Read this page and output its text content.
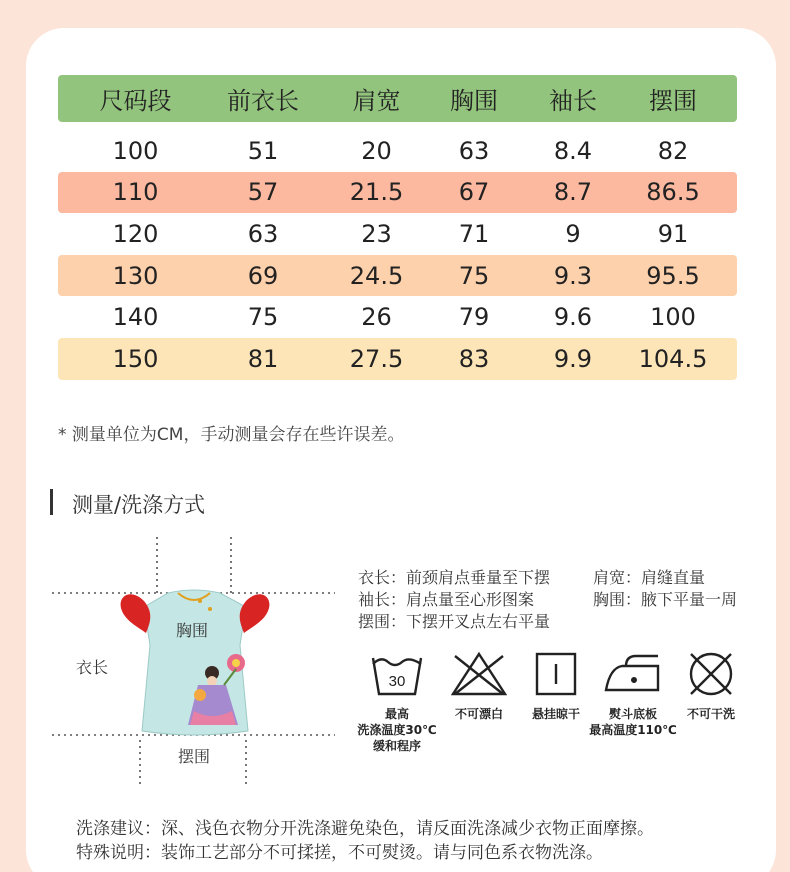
尺码段	前衣长	肩宽	胸围	袖长	摆围
100	51	20	63	8.4	82
110	57	21.5	67	8.7	86.5
120	63	23	71	9	91
130	69	24.5	75	9.3	95.5
140	75	26	79	9.6	100
150	81	27.5	83	9.9	104.5
* 测量单位为CM，手动测量会存在些许误差。
测量/洗涤方式
胸围
衣长
摆围
衣长：前颈肩点垂量至下摆	肩宽：肩缝直量
袖长：肩点量至心形图案	胸围：腋下平量一周
摆围：下摆开叉点左右平量
30
最高
洗涤温度30℃
缓和程序
不可漂白 悬挂晾干	熨斗底板
最高温度110℃
不可干洗
洗涤建议：深、浅色衣物分开洗涤避免染色，请反面洗涤减少衣物正面摩擦。
特殊说明：装饰工艺部分不可揉搓，不可熨烫。请与同色系衣物洗涤。
